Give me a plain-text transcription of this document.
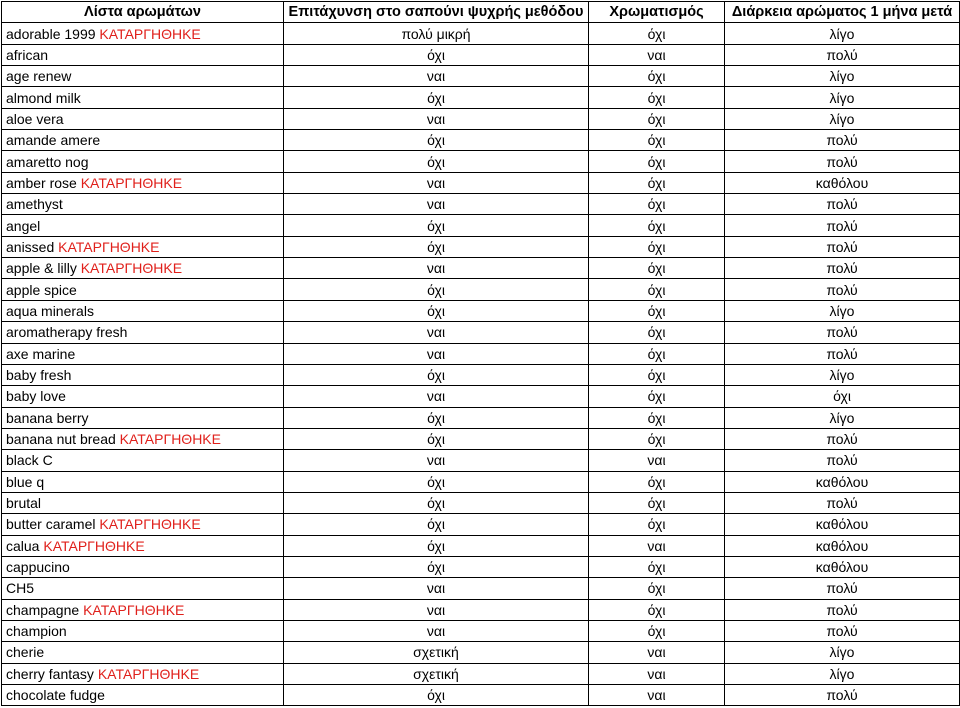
Λίστα αρωμάτων	Επιτάχυνση στο σαπούνι ψυχρής μεθόδου	Χρωματισμός	Διάρκεια αρώματος 1 μήνα μετά
adorable 1999 ΚΑΤΑΡΓΗΘΗΚΕ	πολύ μικρή	όχι	λίγο
african	όχι	ναι	πολύ
age renew	ναι	όχι	λίγο
almond milk	όχι	όχι	λίγο
aloe vera	ναι	όχι	λίγο
amande amere	όχι	όχι	πολύ
amaretto nog	όχι	όχι	πολύ
amber rose ΚΑΤΑΡΓΗΘΗΚΕ	ναι	όχι	καθόλου
amethyst	ναι	όχι	πολύ
angel	όχι	όχι	πολύ
anissed ΚΑΤΑΡΓΗΘΗΚΕ	όχι	όχι	πολύ
apple & lilly ΚΑΤΑΡΓΗΘΗΚΕ	ναι	όχι	πολύ
apple spice	όχι	όχι	πολύ
aqua minerals	όχι	όχι	λίγο
aromatherapy fresh	ναι	όχι	πολύ
axe marine	ναι	όχι	πολύ
baby fresh	όχι	όχι	λίγο
baby love	ναι	όχι	όχι
banana berry	όχι	όχι	λίγο
banana nut bread ΚΑΤΑΡΓΗΘΗΚΕ	όχι	όχι	πολύ
black C	ναι	ναι	πολύ
blue q	όχι	όχι	καθόλου
brutal	όχι	όχι	πολύ
butter caramel ΚΑΤΑΡΓΗΘΗΚΕ	όχι	όχι	καθόλου
calua ΚΑΤΑΡΓΗΘΗΚΕ	όχι	ναι	καθόλου
cappucino	όχι	όχι	καθόλου
CH5	ναι	όχι	πολύ
champagne ΚΑΤΑΡΓΗΘΗΚΕ	ναι	όχι	πολύ
champion	ναι	όχι	πολύ
cherie	σχετική	ναι	λίγο
cherry fantasy ΚΑΤΑΡΓΗΘΗΚΕ	σχετική	ναι	λίγο
chocolate fudge	όχι	ναι	πολύ
